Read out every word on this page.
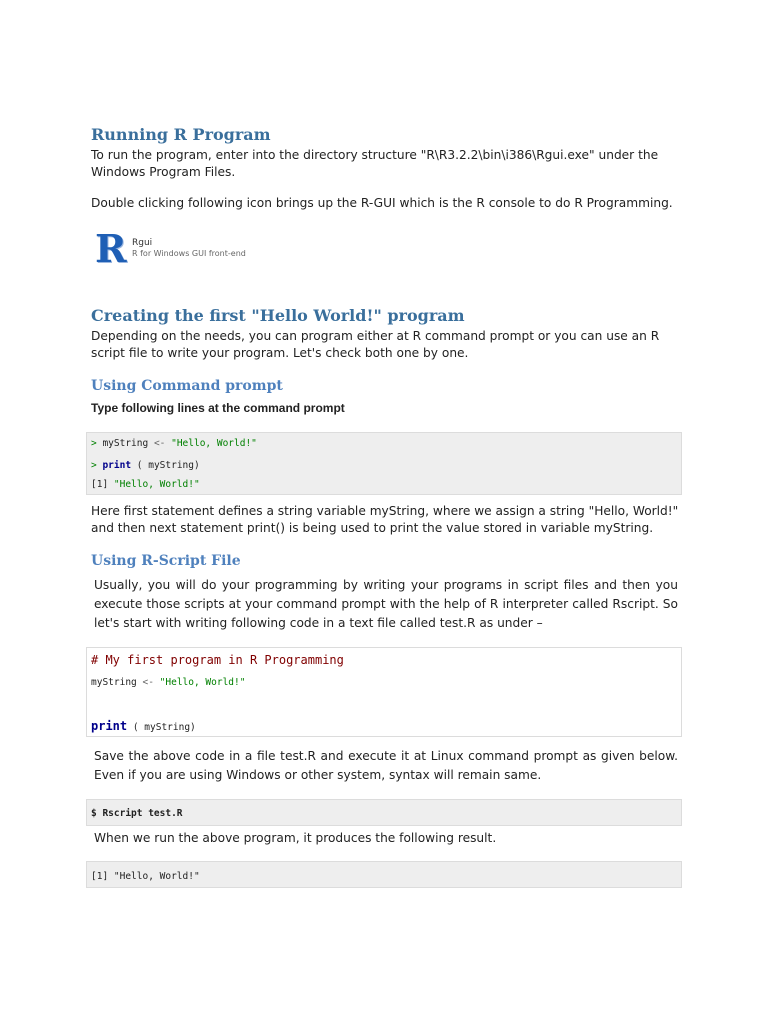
Running R Program

To run the program, enter into the directory structure "R\R3.2.2\bin\i386\Rgui.exe" under the Windows Program Files.

Double clicking following icon brings up the R-GUI which is the R console to do R Programming.

R Rgui
R for Windows GUI front-end
Creating the first "Hello World!" program

Depending on the needs, you can program either at R command prompt or you can use an R script file to write your program. Let's check both one by one.

Using Command prompt

Type following lines at the command prompt

> myString <- "Hello, World!"
> print ( myString)
[1] "Hello, World!"

Here first statement defines a string variable myString, where we assign a string "Hello, World!" and then next statement print() is being used to print the value stored in variable myString.

Using R-Script File

Usually, you will do your programming by writing your programs in script files and then you execute those scripts at your command prompt with the help of R interpreter called Rscript. So let's start with writing following code in a text file called test.R as under –

# My first program in R Programming
myString <- "Hello, World!"
print ( myString)

Save the above code in a file test.R and execute it at Linux command prompt as given below. Even if you are using Windows or other system, syntax will remain same.

$ Rscript test.R

When we run the above program, it produces the following result.

[1] "Hello, World!"
